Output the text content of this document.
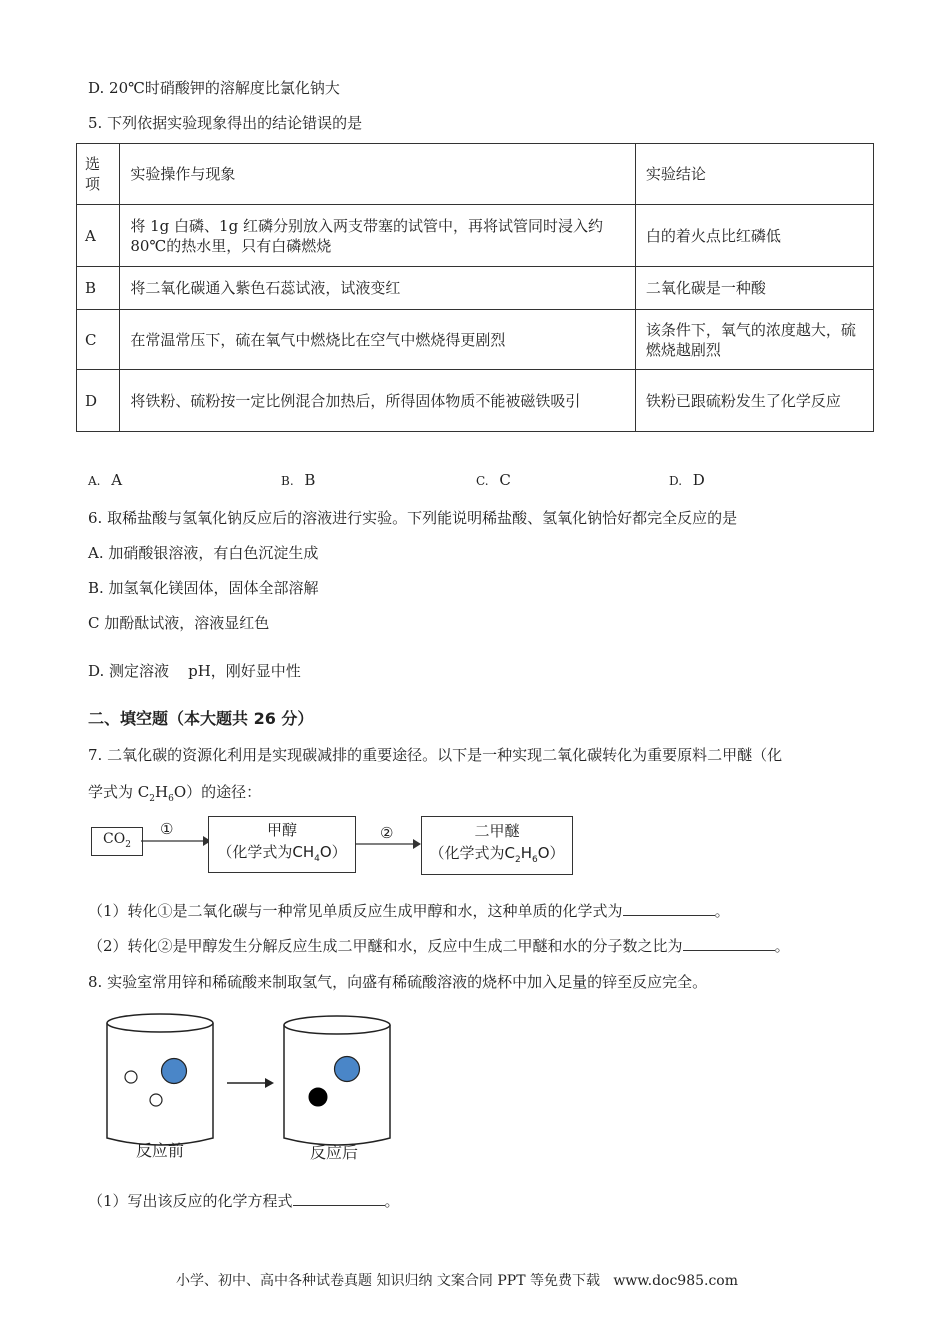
D. 20℃时硝酸钾的溶解度比氯化钠大
5. 下列依据实验现象得出的结论错误的是
选项	实验操作与现象	实验结论
A	将 1g 白磷、1g 红磷分别放入两支带塞的试管中，再将试管同时浸入约 80℃的热水里，只有白磷燃烧	白的着火点比红磷低
B	将二氧化碳通入紫色石蕊试液，试液变红	二氧化碳是一种酸
C	在常温常压下，硫在氧气中燃烧比在空气中燃烧得更剧烈	该条件下，氧气的浓度越大，硫燃烧越剧烈
D	将铁粉、硫粉按一定比例混合加热后，所得固体物质不能被磁铁吸引	铁粉已跟硫粉发生了化学反应
A. A	B. B	C. C	D. D
6. 取稀盐酸与氢氧化钠反应后的溶液进行实验。下列能说明稀盐酸、氢氧化钠恰好都完全反应的是
A. 加硝酸银溶液，有白色沉淀生成
B. 加氢氧化镁固体，固体全部溶解
C 加酚酞试液，溶液显红色
D. 测定溶液    pH，刚好显中性
二、填空题（本大题共 26 分）
7. 二氧化碳的资源化利用是实现碳减排的重要途径。以下是一种实现二氧化碳转化为重要原料二甲醚（化
学式为 $C_2H_6O$）的途径：
$CO_2$
①	甲醇
（化学式为$CH_4O$）
②	二甲醚
（化学式为$C_2H_6O$）
（1）转化①是二氧化碳与一种常见单质反应生成甲醇和水，这种单质的化学式为	。
（2）转化②是甲醇发生分解反应生成二甲醚和水，反应中生成二甲醚和水的分子数之比为	。
8. 实验室常用锌和稀硫酸来制取氢气，向盛有稀硫酸溶液的烧杯中加入足量的锌至反应完全。
反应前	反应后
（1）写出该反应的化学方程式	。
小学、初中、高中各种试卷真题 知识归纳 文案合同 PPT 等免费下载   www.doc985.com
